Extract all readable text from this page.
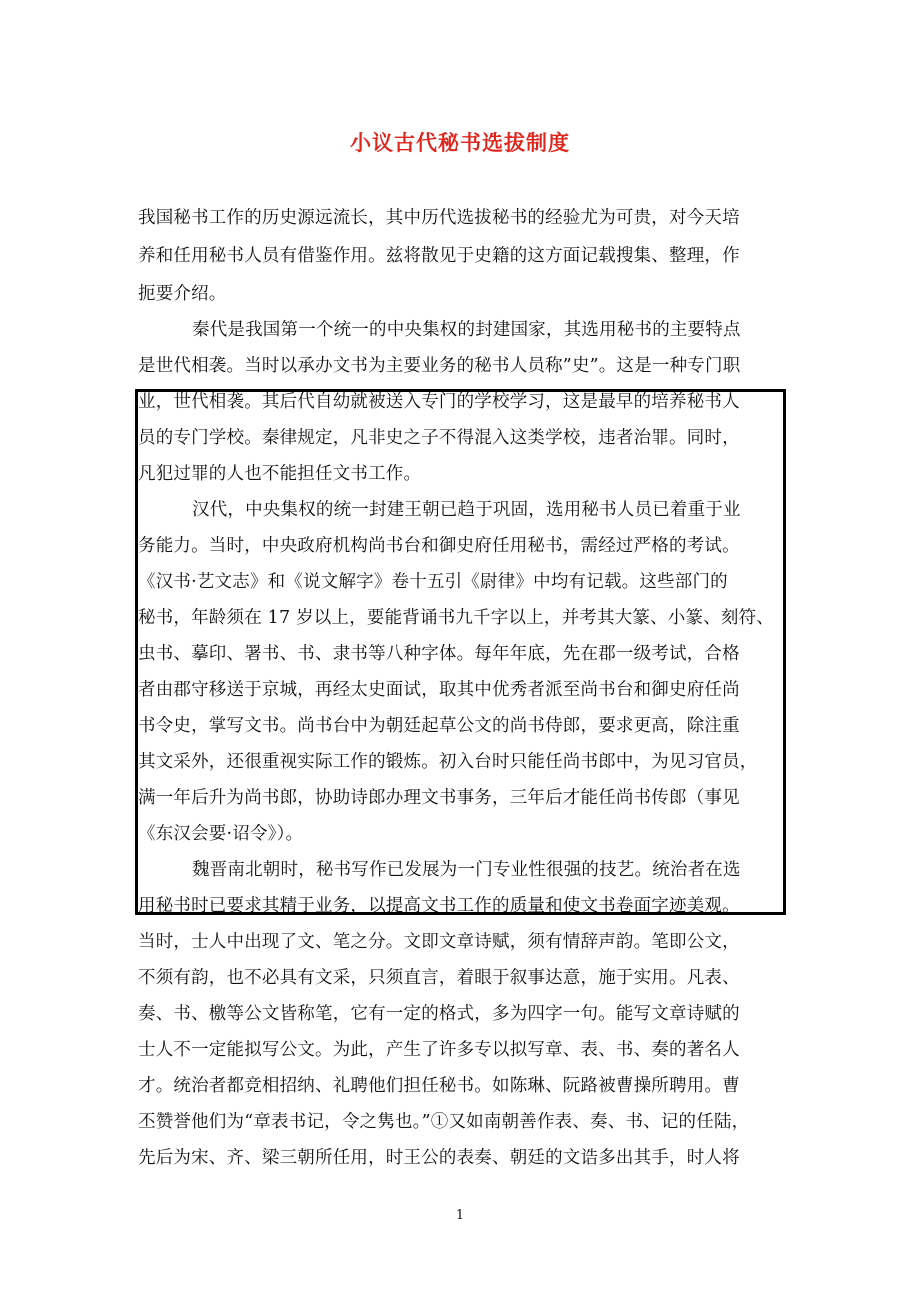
小议古代秘书选拔制度
我国秘书工作的历史源远流长，其中历代选拔秘书的经验尤为可贵，对今天培
养和任用秘书人员有借鉴作用。兹将散见于史籍的这方面记载搜集、整理，作
扼要介绍。
秦代是我国第一个统一的中央集权的封建国家，其选用秘书的主要特点
是世代相袭。当时以承办文书为主要业务的秘书人员称”史”。这是一种专门职
业，世代相袭。其后代自幼就被送入专门的学校学习，这是最早的培养秘书人
员的专门学校。秦律规定，凡非史之子不得混入这类学校，违者治罪。同时，
凡犯过罪的人也不能担任文书工作。
汉代，中央集权的统一封建王朝已趋于巩固，选用秘书人员已着重于业
务能力。当时，中央政府机构尚书台和御史府任用秘书，需经过严格的考试。
《汉书·艺文志》和《说文解字》卷十五引《尉律》中均有记载。这些部门的
秘书，年龄须在 17 岁以上，要能背诵书九千字以上，并考其大篆、小篆、刻符、
虫书、摹印、署书、书、隶书等八种字体。每年年底，先在郡一级考试，合格
者由郡守移送于京城，再经太史面试，取其中优秀者派至尚书台和御史府任尚
书令史，掌写文书。尚书台中为朝廷起草公文的尚书侍郎，要求更高，除注重
其文采外，还很重视实际工作的锻炼。初入台时只能任尚书郎中，为见习官员，
满一年后升为尚书郎，协助诗郎办理文书事务，三年后才能任尚书传郎（事见
《东汉会要·诏令》）。
魏晋南北朝时，秘书写作已发展为一门专业性很强的技艺。统治者在选
用秘书时已要求其精于业务，以提高文书工作的质量和使文书卷面字迹美观。
当时，士人中出现了文、笔之分。文即文章诗赋，须有情辞声韵。笔即公文，
不须有韵，也不必具有文采，只须直言，着眼于叙事达意，施于实用。凡表、
奏、书、檄等公文皆称笔，它有一定的格式，多为四字一句。能写文章诗赋的
士人不一定能拟写公文。为此，产生了许多专以拟写章、表、书、奏的著名人
才。统治者都竞相招纳、礼聘他们担任秘书。如陈琳、阮路被曹操所聘用。曹
丕赞誉他们为“章表书记，令之隽也。”①又如南朝善作表、奏、书、记的任陆，
先后为宋、齐、梁三朝所任用，时王公的表奏、朝廷的文诰多出其手，时人将
1
